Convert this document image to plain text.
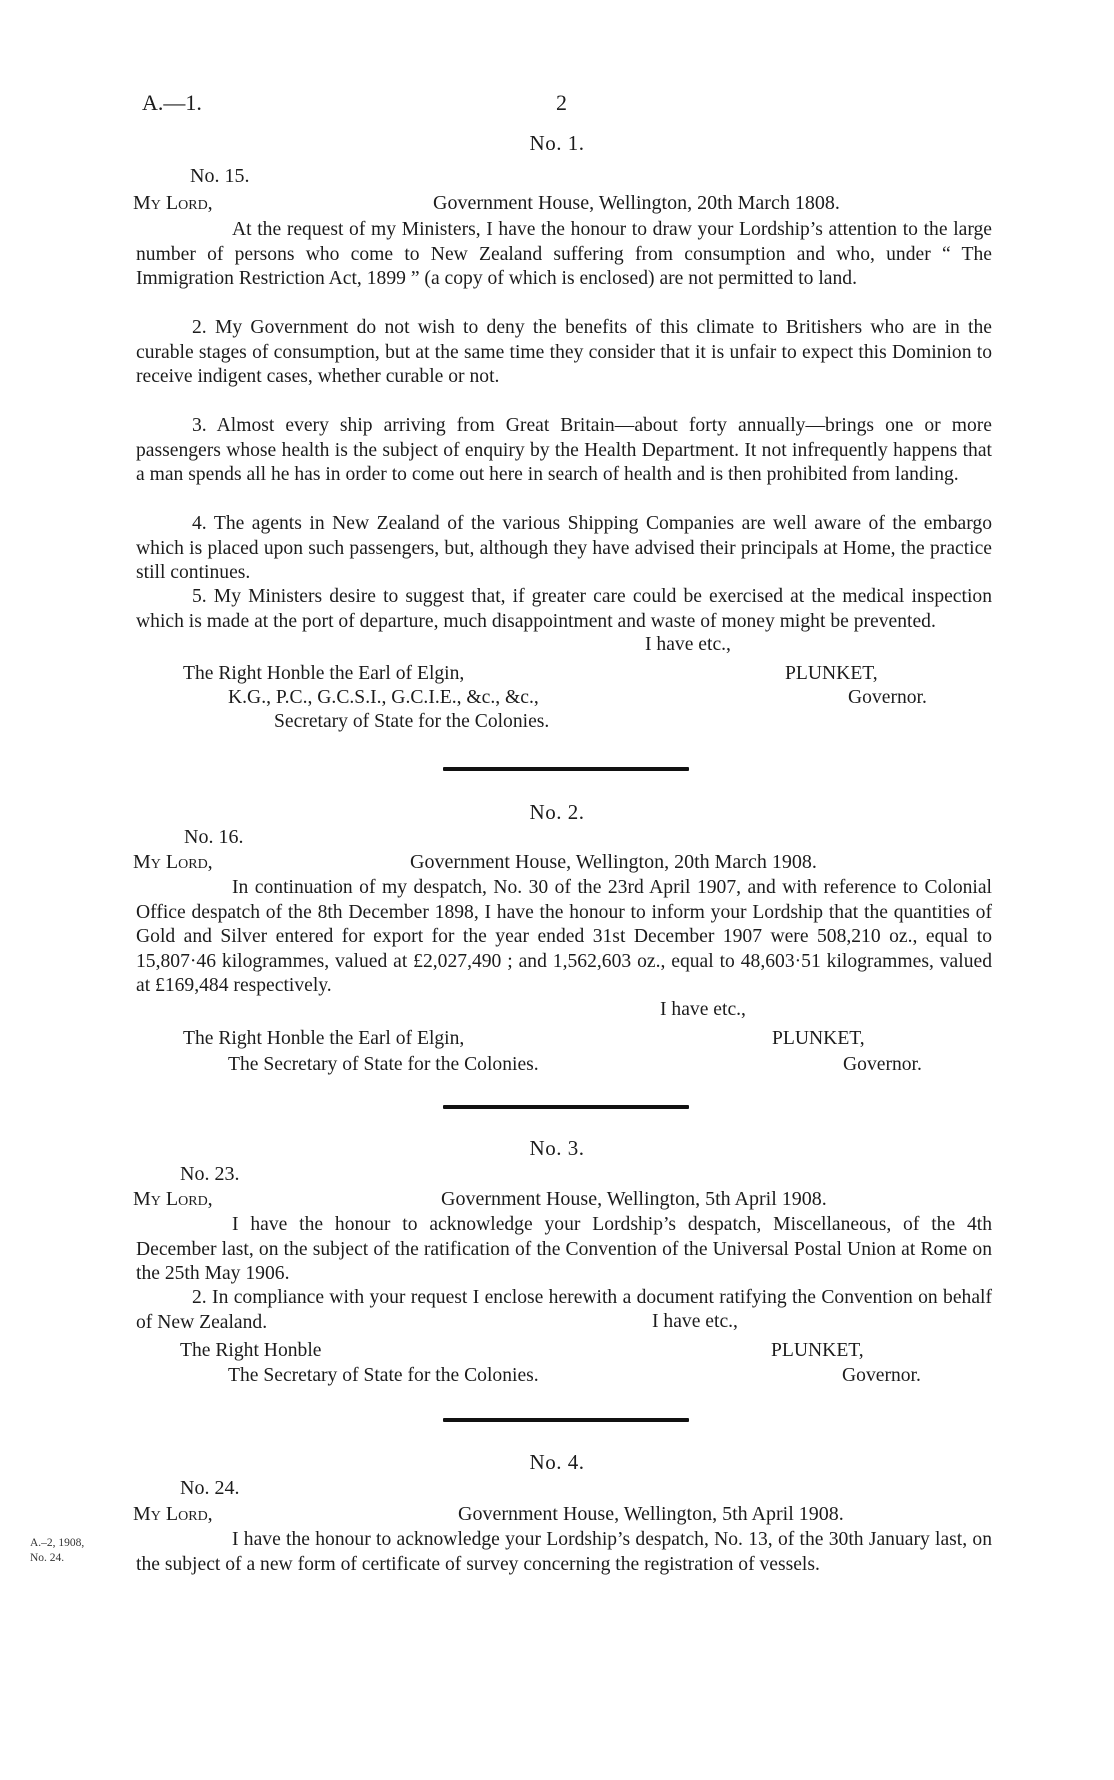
A.—1.	2
No. 1.
No. 15.
My Lord,	Government House, Wellington, 20th March 1808.
At the request of my Ministers, I have the honour to draw your Lordship’s attention to the large number of persons who come to New Zealand suffering from consumption and who, under “ The Immigration Restriction Act, 1899 ” (a copy of which is enclosed) are not permitted to land.
2. My Government do not wish to deny the benefits of this climate to Britishers who are in the curable stages of consumption, but at the same time they consider that it is unfair to expect this Dominion to receive indigent cases, whether curable or not.
3. Almost every ship arriving from Great Britain—about forty annually—brings one or more passengers whose health is the subject of enquiry by the Health Department. It not infrequently happens that a man spends all he has in order to come out here in search of health and is then prohibited from landing.
4. The agents in New Zealand of the various Shipping Companies are well aware of the embargo which is placed upon such passengers, but, although they have advised their principals at Home, the practice still continues.
5. My Ministers desire to suggest that, if greater care could be exercised at the medical inspection which is made at the port of departure, much disappointment and waste of money might be prevented.
I have etc.,
The Right Honble the Earl of Elgin,
K.G., P.C., G.C.S.I., G.C.I.E., &c., &c.,
Secretary of State for the Colonies.
PLUNKET,
Governor.
No. 2.
No. 16.
My Lord,	Government House, Wellington, 20th March 1908.
In continuation of my despatch, No. 30 of the 23rd April 1907, and with reference to Colonial Office despatch of the 8th December 1898, I have the honour to inform your Lordship that the quantities of Gold and Silver entered for export for the year ended 31st December 1907 were 508,210 oz., equal to 15,807·46 kilogrammes, valued at £2,027,490 ; and 1,562,603 oz., equal to 48,603·51 kilogrammes, valued at £169,484 respectively.
I have etc.,
The Right Honble the Earl of Elgin,
The Secretary of State for the Colonies.
PLUNKET,
Governor.
No. 3.
No. 23.
My Lord,	Government House, Wellington, 5th April 1908.
I have the honour to acknowledge your Lordship’s despatch, Miscellaneous, of the 4th December last, on the subject of the ratification of the Convention of the Universal Postal Union at Rome on the 25th May 1906.
2. In compliance with your request I enclose herewith a document ratifying the Convention on behalf of New Zealand.	I have etc.,
The Right Honble
The Secretary of State for the Colonies.
PLUNKET,
Governor.
No. 4.
No. 24.
My Lord,	Government House, Wellington, 5th April 1908.
I have the honour to acknowledge your Lordship’s despatch, No. 13, of the 30th January last, on the subject of a new form of certificate of survey concerning the registration of vessels.
A.–2, 1908,
No. 24.
